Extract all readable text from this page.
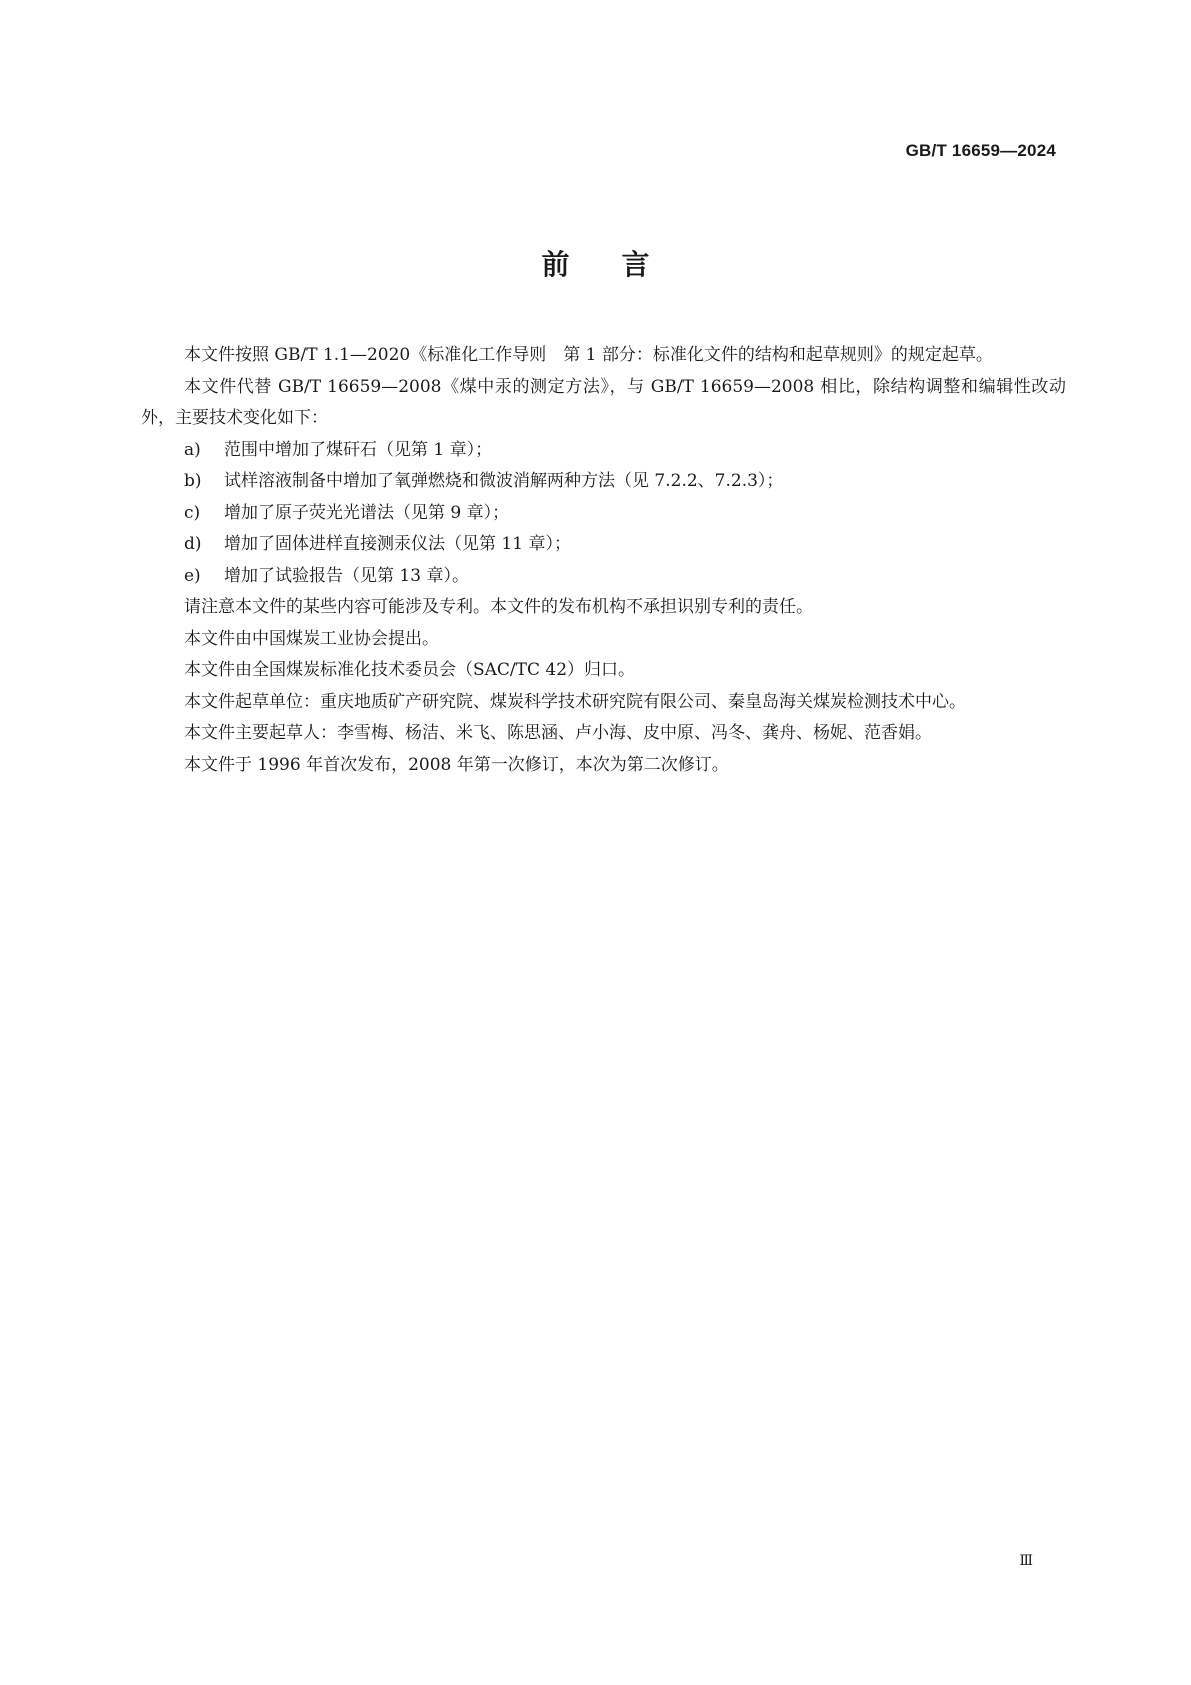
GB/T 16659—2024
前言

本文件按照 GB/T 1.1—2020《标准化工作导则　第 1 部分：标准化文件的结构和起草规则》的规定起草。

本文件代替 GB/T 16659—2008《煤中汞的测定方法》，与 GB/T 16659—2008 相比，除结构调整和编辑性改动外，主要技术变化如下：

a)	范围中增加了煤矸石（见第 1 章）；
b)	试样溶液制备中增加了氧弹燃烧和微波消解两种方法（见 7.2.2、7.2.3）；
c)	增加了原子荧光光谱法（见第 9 章）；
d)	增加了固体进样直接测汞仪法（见第 11 章）；
e)	增加了试验报告（见第 13 章）。

请注意本文件的某些内容可能涉及专利。本文件的发布机构不承担识别专利的责任。

本文件由中国煤炭工业协会提出。

本文件由全国煤炭标准化技术委员会（SAC/TC 42）归口。

本文件起草单位：重庆地质矿产研究院、煤炭科学技术研究院有限公司、秦皇岛海关煤炭检测技术中心。

本文件主要起草人：李雪梅、杨洁、米飞、陈思涵、卢小海、皮中原、冯冬、龚舟、杨妮、范香娟。

本文件于 1996 年首次发布，2008 年第一次修订，本次为第二次修订。

Ⅲ
